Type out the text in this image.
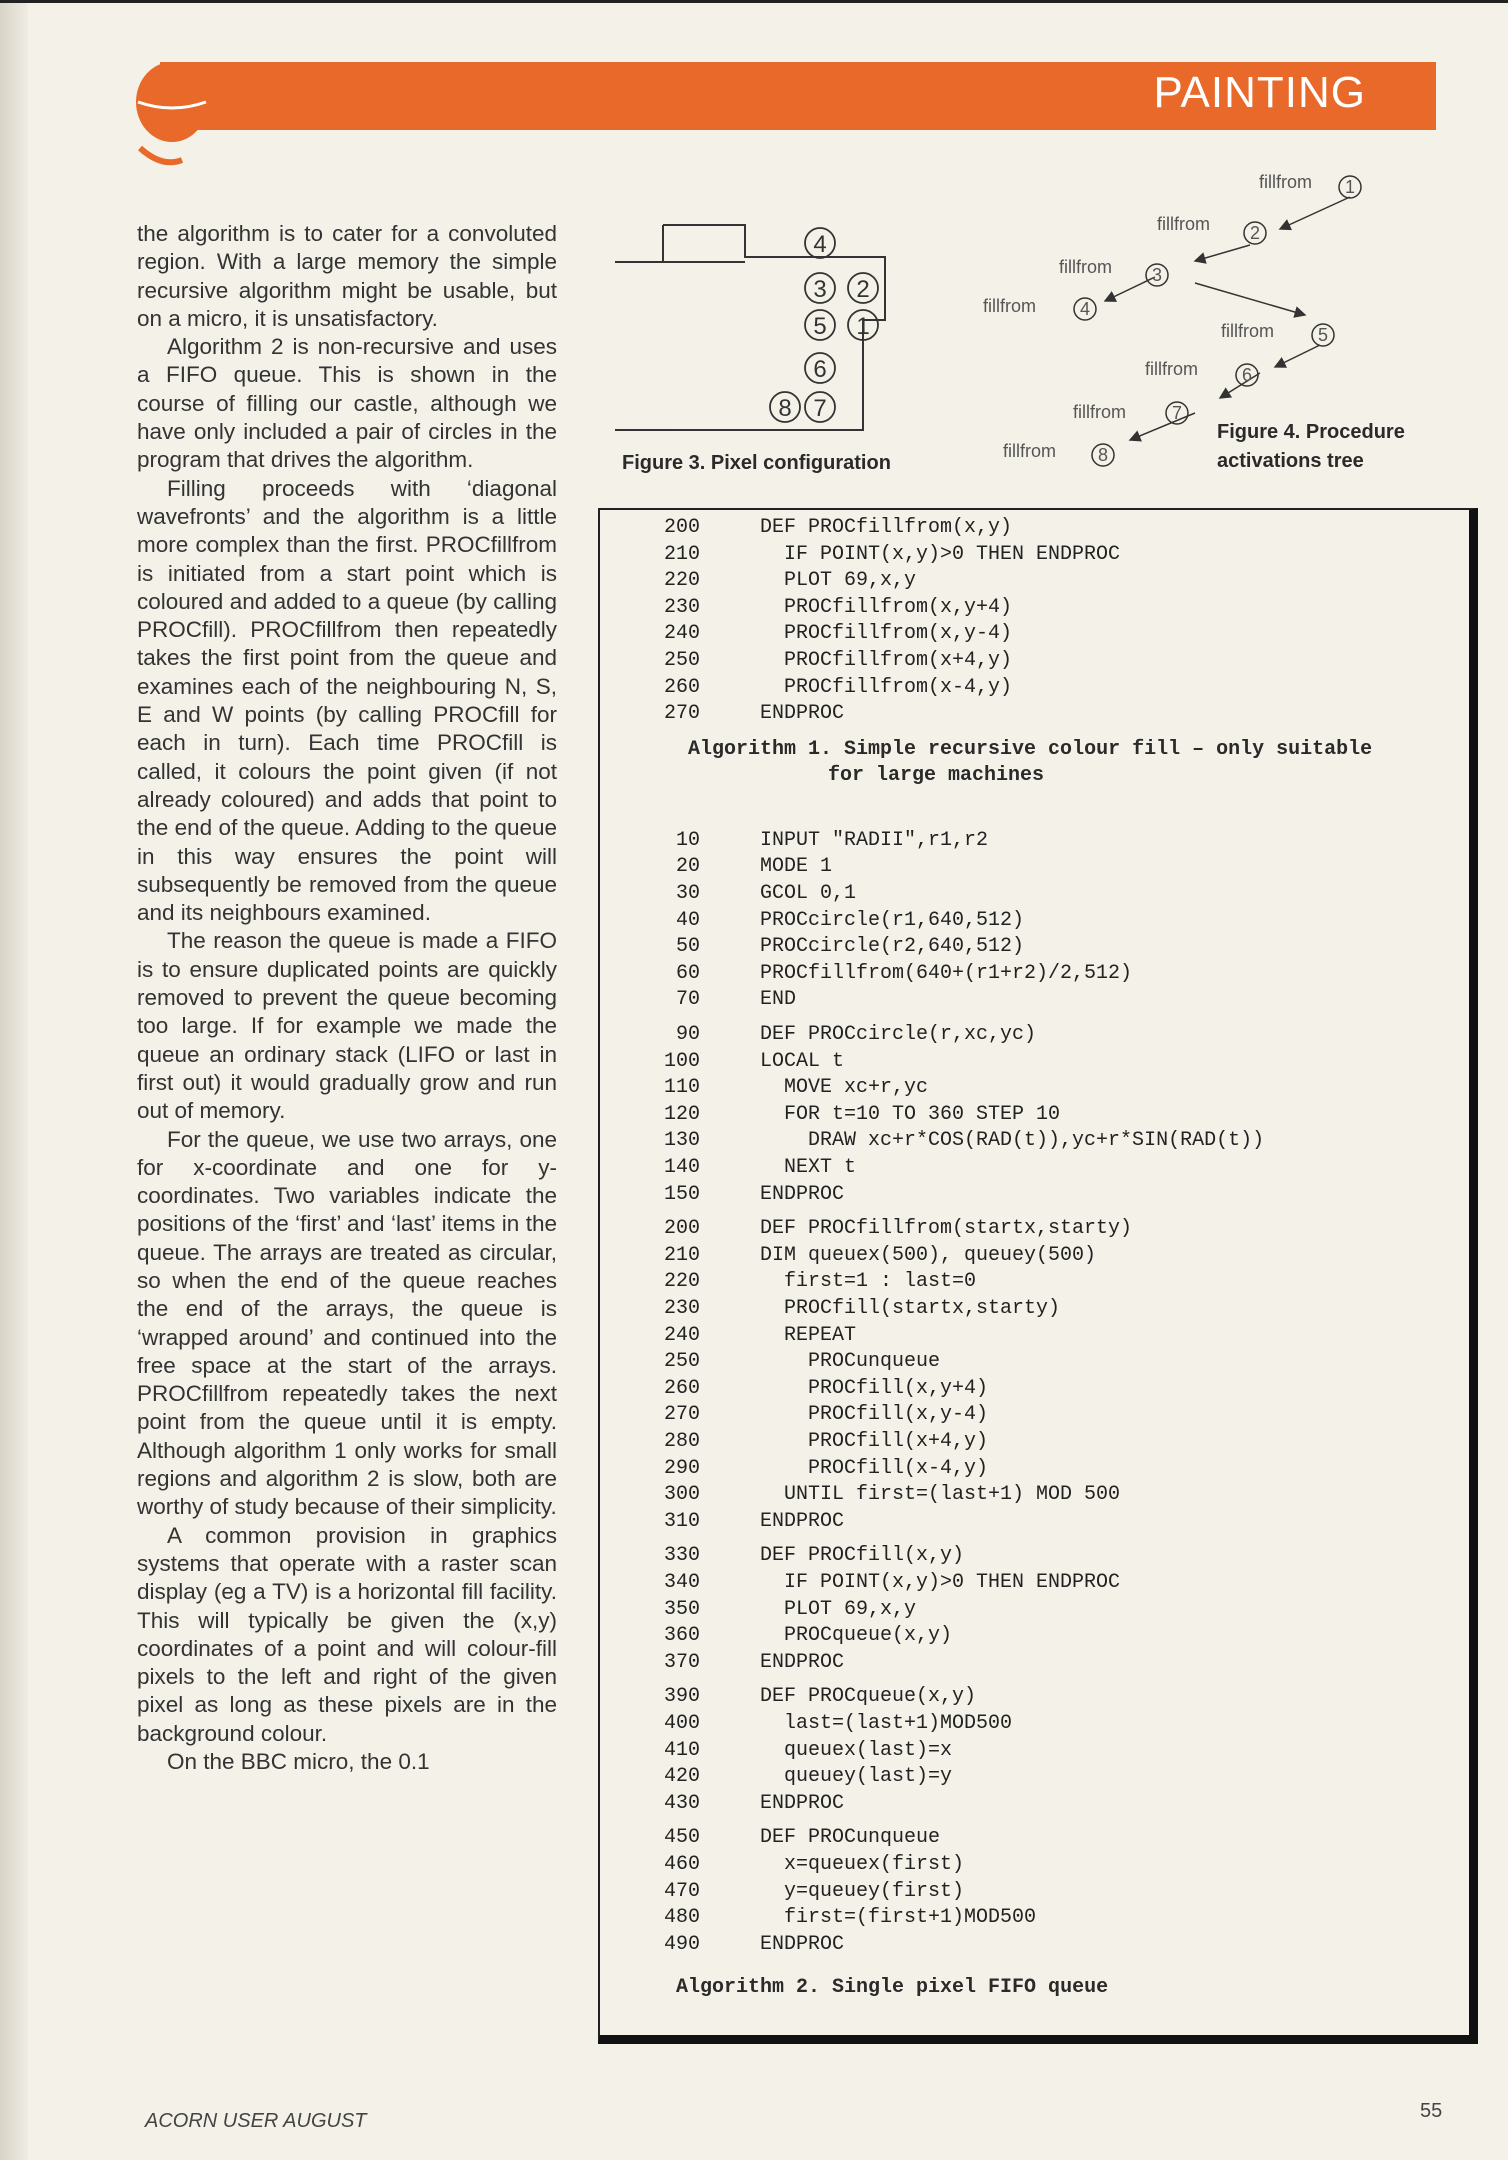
PAINTING

the algorithm is to cater for a convoluted region. With a large memory the simple recursive algorithm might be usable, but on a micro, it is unsatisfactory.

Algorithm 2 is non-recursive and uses a FIFO queue. This is shown in the course of filling our castle, although we have only included a pair of circles in the program that drives the algorithm.

Filling proceeds with ‘diagonal wavefronts’ and the algorithm is a little more complex than the first. PROCfillfrom is initiated from a start point which is coloured and added to a queue (by calling PROCfill). PROCfillfrom then repeatedly takes the first point from the queue and examines each of the neighbouring N, S, E and W points (by calling PROCfill for each in turn). Each time PROCfill is called, it colours the point given (if not already coloured) and adds that point to the end of the queue. Adding to the queue in this way ensures the point will subsequently be removed from the queue and its neighbours examined.

The reason the queue is made a FIFO is to ensure duplicated points are quickly removed to prevent the queue becoming too large. If for example we made the queue an ordinary stack (LIFO or last in first out) it would gradually grow and run out of memory.

For the queue, we use two arrays, one for x-coordinate and one for y-coordinates. Two variables indicate the positions of the ‘first’ and ‘last’ items in the queue. The arrays are treated as circular, so when the end of the queue reaches the end of the arrays, the queue is ‘wrapped around’ and continued into the free space at the start of the arrays. PROCfillfrom repeatedly takes the next point from the queue until it is empty. Although algorithm 1 only works for small regions and algorithm 2 is slow, both are worthy of study because of their simplicity.

A common provision in graphics systems that operate with a raster scan display (eg a TV) is a horizontal fill facility. This will typically be given the (x,y) coordinates of a point and will colour-fill pixels to the left and right of the given pixel as long as these pixels are in the background colour.

On the BBC micro, the 0.1

4
3 2
5 1
6
8 7
Figure 3. Pixel configuration
fillfrom 1
fillfrom 2
fillfrom 3
fillfrom 4
fillfrom 5
fillfrom 6
fillfrom	7
fillfrom 8
Figure 4. Procedure
activations tree
200	DEF PROCfillfrom(x,y)
210	IF POINT(x,y)>0 THEN ENDPROC
220	PLOT 69,x,y
230	PROCfillfrom(x,y+4)
240	PROCfillfrom(x,y-4)
250	PROCfillfrom(x+4,y)
260	PROCfillfrom(x-4,y)
270	ENDPROC
Algorithm 1. Simple recursive colour fill – only suitable
for large machines
10	INPUT "RADII",r1,r2
20	MODE 1
30	GCOL 0,1
40	PROCcircle(r1,640,512)
50	PROCcircle(r2,640,512)
60	PROCfillfrom(640+(r1+r2)/2,512)
70	END
90	DEF PROCcircle(r,xc,yc)
100	LOCAL t
110	MOVE xc+r,yc
120	FOR t=10 TO 360 STEP 10
130	DRAW xc+r*COS(RAD(t)),yc+r*SIN(RAD(t))
140	NEXT t
150	ENDPROC
200	DEF PROCfillfrom(startx,starty)
210	DIM queuex(500), queuey(500)
220	first=1 : last=0
230	PROCfill(startx,starty)
240	REPEAT
250	PROCunqueue
260	PROCfill(x,y+4)
270	PROCfill(x,y-4)
280	PROCfill(x+4,y)
290	PROCfill(x-4,y)
300	UNTIL first=(last+1) MOD 500
310	ENDPROC
330	DEF PROCfill(x,y)
340	IF POINT(x,y)>0 THEN ENDPROC
350	PLOT 69,x,y
360	PROCqueue(x,y)
370	ENDPROC
390	DEF PROCqueue(x,y)
400	last=(last+1)MOD500
410	queuex(last)=x
420	queuey(last)=y
430	ENDPROC
450	DEF PROCunqueue
460	x=queuex(first)
470	y=queuey(first)
480	first=(first+1)MOD500
490	ENDPROC
Algorithm 2. Single pixel FIFO queue
ACORN USER AUGUST	55
